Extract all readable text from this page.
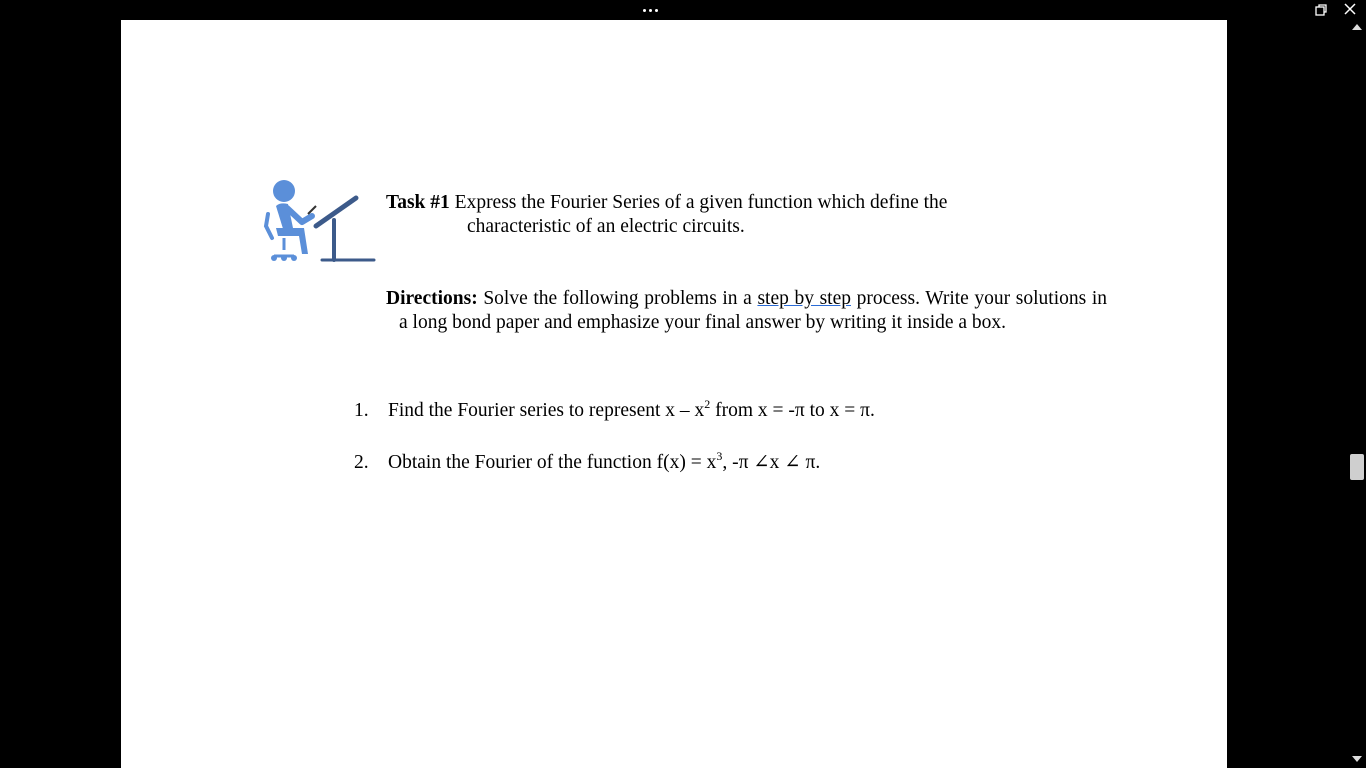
Task #1 Express the Fourier Series of a given function which define the
characteristic of an electric circuits.
Directions: Solve the following problems in a step by step process. Write your solutions in a long bond paper and emphasize your final answer by writing it inside a box.
1. Find the Fourier series to represent x – $x^2$ from x = -π to x = π.
2. Obtain the Fourier of the function $f(x) = x^3$, -π ∠x ∠ π.
